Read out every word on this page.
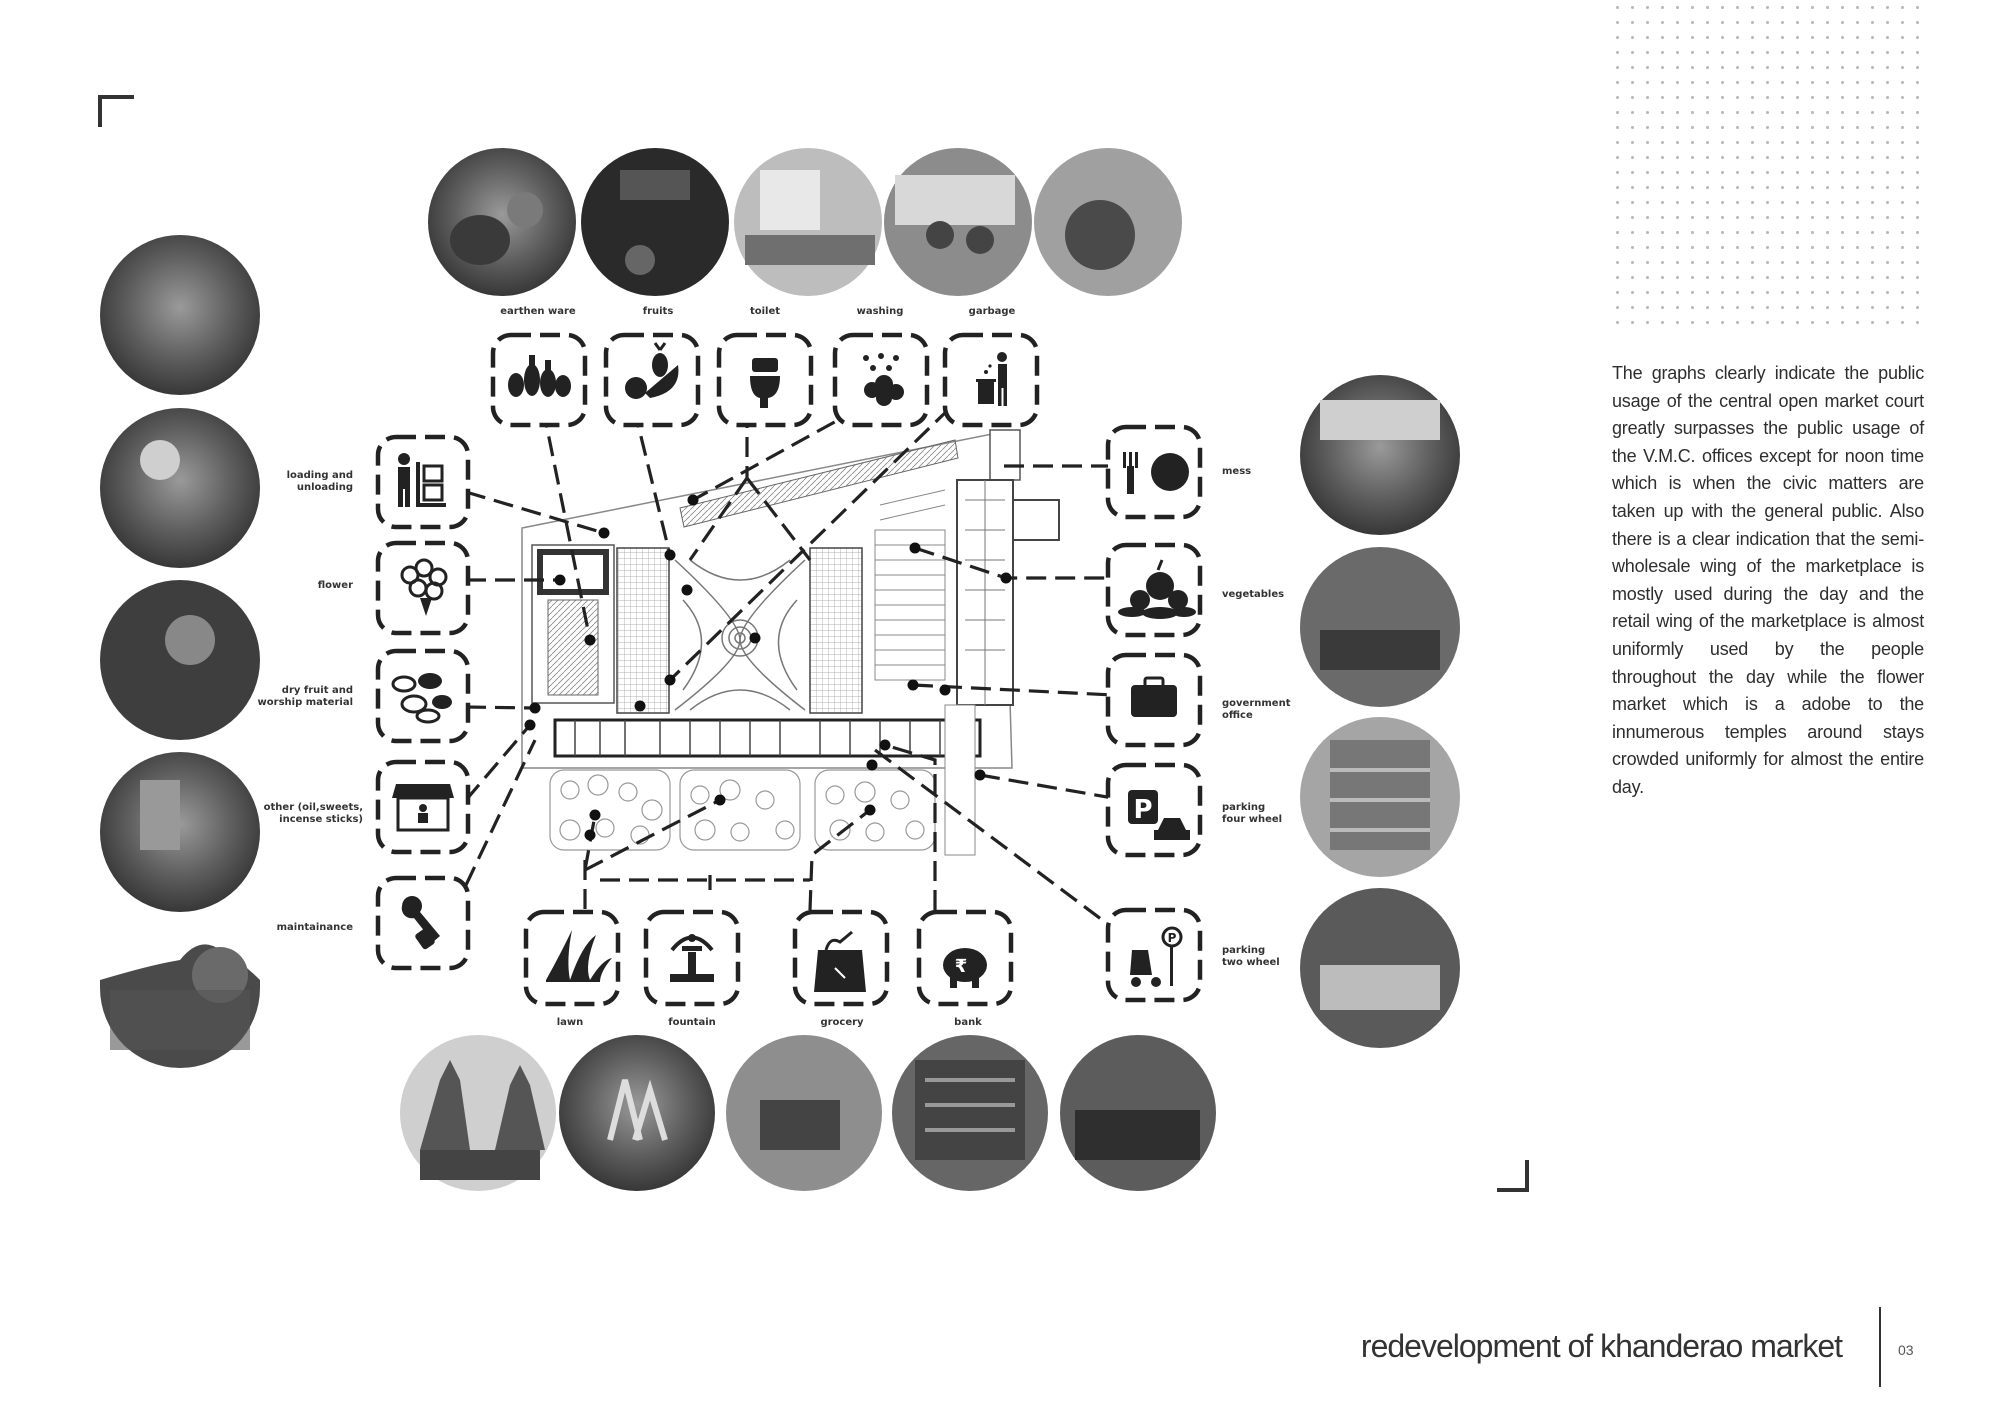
P
P
₹
earthen ware	fruits	toilet	washing	garbage
loading and
unloading
flower
dry fruit and
worship material
other (oil,sweets,
incense sticks)
maintainance
mess
vegetables
government
office
parking
four wheel
parking
two wheel
lawn	fountain	grocery	bank
The graphs clearly indicate the public usage of the central open market court greatly surpasses the public usage of the V.M.C. offices except for noon time which is when the civic matters are taken up with the general public. Also there is a clear indication that the semi-wholesale wing of the marketplace is mostly used during the day and the retail wing of the marketplace is almost uniformly used by the people throughout the day while the flower market which is a adobe to the innumerous temples around stays crowded uniformly for almost the entire day.
redevelopment of khanderao market	03
